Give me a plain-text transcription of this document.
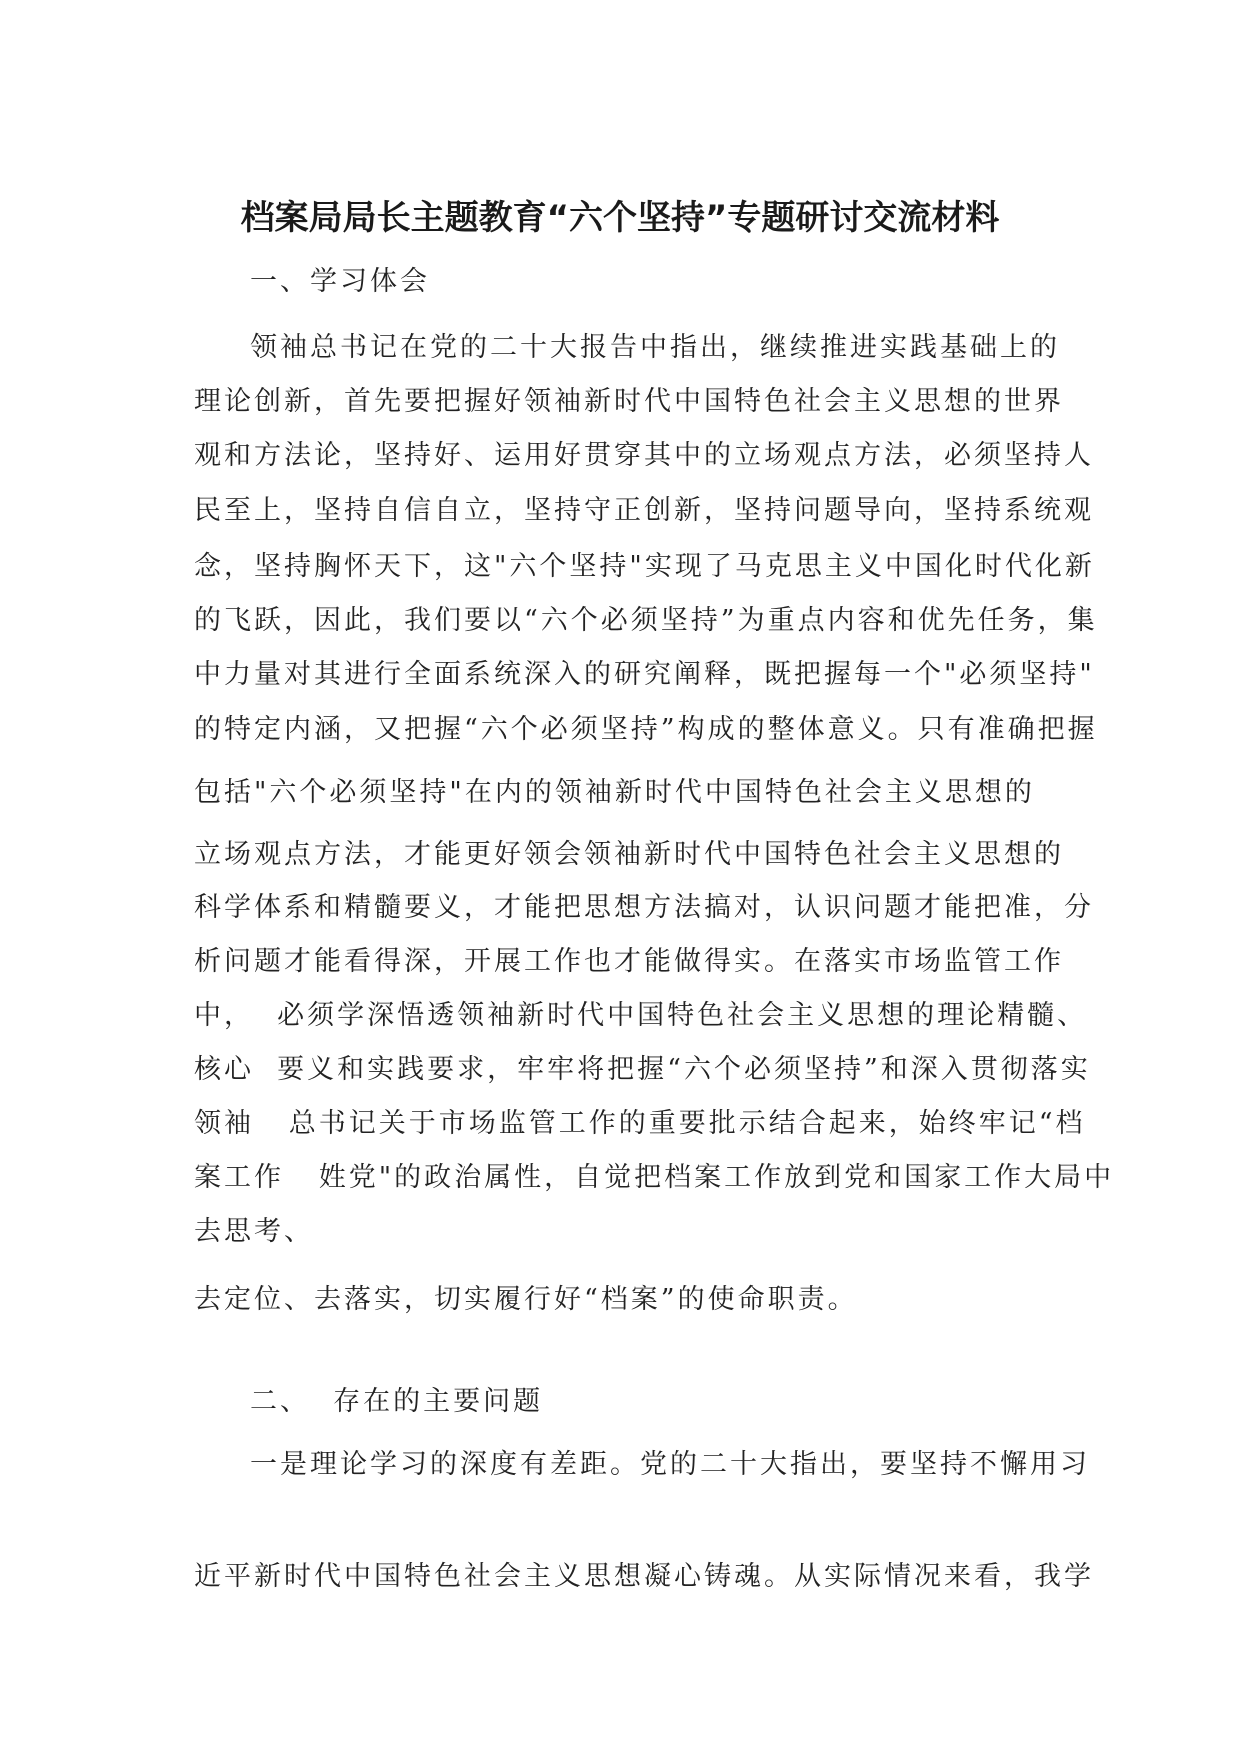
档案局局长主题教育“六个坚持”专题研讨交流材料

一、学习体会

领袖总书记在党的二十大报告中指出，继续推进实践基础上的

理论创新，首先要把握好领袖新时代中国特色社会主义思想的世界

观和方法论，坚持好、运用好贯穿其中的立场观点方法，必须坚持人

民至上，坚持自信自立，坚持守正创新，坚持问题导向，坚持系统观

念，坚持胸怀天下，这"六个坚持"实现了马克思主义中国化时代化新

的飞跃，因此，我们要以“六个必须坚持”为重点内容和优先任务，集

中力量对其进行全面系统深入的研究阐释，既把握每一个"必须坚持"

的特定内涵，又把握“六个必须坚持”构成的整体意义。只有准确把握

包括"六个必须坚持"在内的领袖新时代中国特色社会主义思想的

立场观点方法，才能更好领会领袖新时代中国特色社会主义思想的

科学体系和精髓要义，才能把思想方法搞对，认识问题才能把准，分

析问题才能看得深，开展工作也才能做得实。在落实市场监管工作

中，  必须学深悟透领袖新时代中国特色社会主义思想的理论精髓、

核心  要义和实践要求，牢牢将把握“六个必须坚持”和深入贯彻落实

领袖   总书记关于市场监管工作的重要批示结合起来，始终牢记“档

案工作   姓党"的政治属性，自觉把档案工作放到党和国家工作大局中

去思考、

去定位、去落实，切实履行好“档案”的使命职责。

二、  存在的主要问题

一是理论学习的深度有差距。党的二十大指出，要坚持不懈用习

近平新时代中国特色社会主义思想凝心铸魂。从实际情况来看，我学
